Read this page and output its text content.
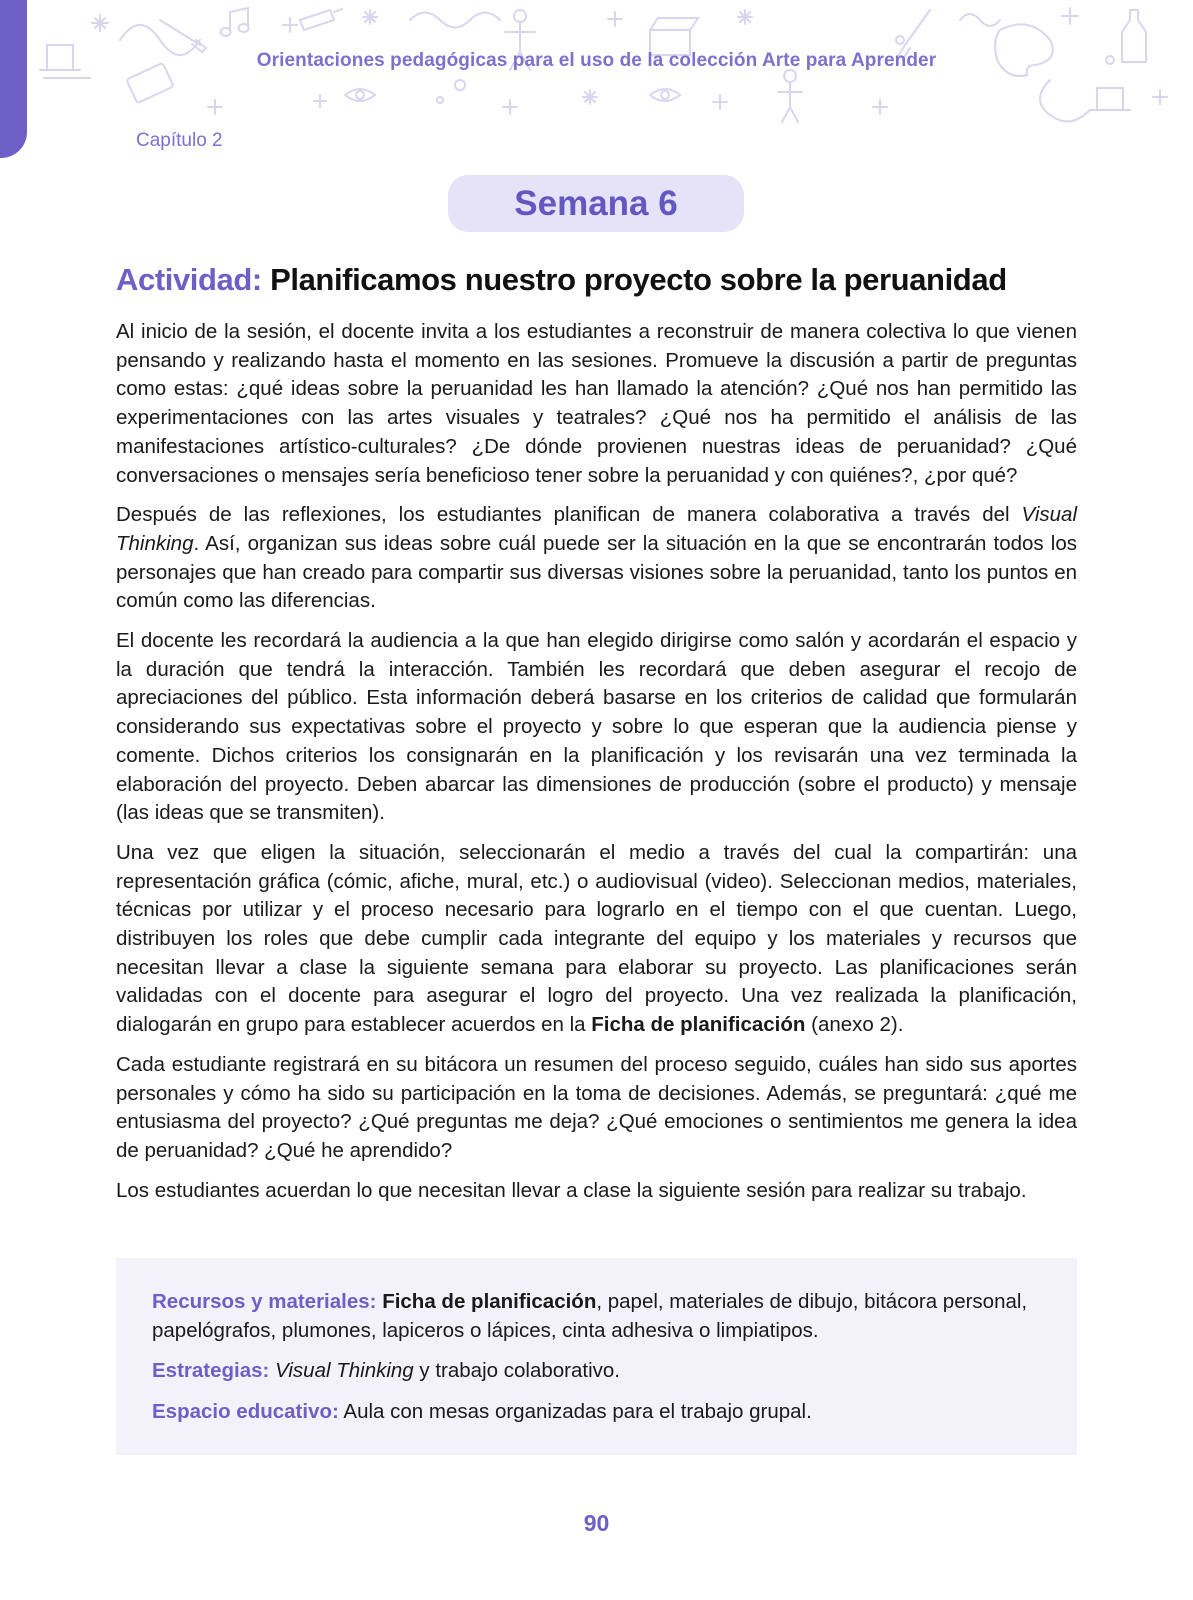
Orientaciones pedagógicas para el uso de la colección Arte para Aprender
Capítulo 2
Semana 6
Actividad: Planificamos nuestro proyecto sobre la peruanidad

Al inicio de la sesión, el docente invita a los estudiantes a reconstruir de manera colectiva lo que vienen pensando y realizando hasta el momento en las sesiones. Promueve la discusión a partir de preguntas como estas: ¿qué ideas sobre la peruanidad les han llamado la atención? ¿Qué nos han permitido las experimentaciones con las artes visuales y teatrales? ¿Qué nos ha permitido el análisis de las manifestaciones artístico-culturales? ¿De dónde provienen nuestras ideas de peruanidad? ¿Qué conversaciones o mensajes sería beneficioso tener sobre la peruanidad y con quiénes?, ¿por qué?

Después de las reflexiones, los estudiantes planifican de manera colaborativa a través del Visual Thinking. Así, organizan sus ideas sobre cuál puede ser la situación en la que se encontrarán todos los personajes que han creado para compartir sus diversas visiones sobre la peruanidad, tanto los puntos en común como las diferencias.

El docente les recordará la audiencia a la que han elegido dirigirse como salón y acordarán el espacio y la duración que tendrá la interacción. También les recordará que deben asegurar el recojo de apreciaciones del público. Esta información deberá basarse en los criterios de calidad que formularán considerando sus expectativas sobre el proyecto y sobre lo que esperan que la audiencia piense y comente. Dichos criterios los consignarán en la planificación y los revisarán una vez terminada la elaboración del proyecto. Deben abarcar las dimensiones de producción (sobre el producto) y mensaje (las ideas que se transmiten).

Una vez que eligen la situación, seleccionarán el medio a través del cual la compartirán: una representación gráfica (cómic, afiche, mural, etc.) o audiovisual (video). Seleccionan medios, materiales, técnicas por utilizar y el proceso necesario para lograrlo en el tiempo con el que cuentan. Luego, distribuyen los roles que debe cumplir cada integrante del equipo y los materiales y recursos que necesitan llevar a clase la siguiente semana para elaborar su proyecto. Las planificaciones serán validadas con el docente para asegurar el logro del proyecto. Una vez realizada la planificación, dialogarán en grupo para establecer acuerdos en la Ficha de planificación (anexo 2).

Cada estudiante registrará en su bitácora un resumen del proceso seguido, cuáles han sido sus aportes personales y cómo ha sido su participación en la toma de decisiones. Además, se preguntará: ¿qué me entusiasma del proyecto? ¿Qué preguntas me deja? ¿Qué emociones o sentimientos me genera la idea de peruanidad? ¿Qué he aprendido?

Los estudiantes acuerdan lo que necesitan llevar a clase la siguiente sesión para realizar su trabajo.

Recursos y materiales: Ficha de planificación, papel, materiales de dibujo, bitácora personal, papelógrafos, plumones, lapiceros o lápices, cinta adhesiva o limpiatipos.

Estrategias: Visual Thinking y trabajo colaborativo.

Espacio educativo: Aula con mesas organizadas para el trabajo grupal.

90
